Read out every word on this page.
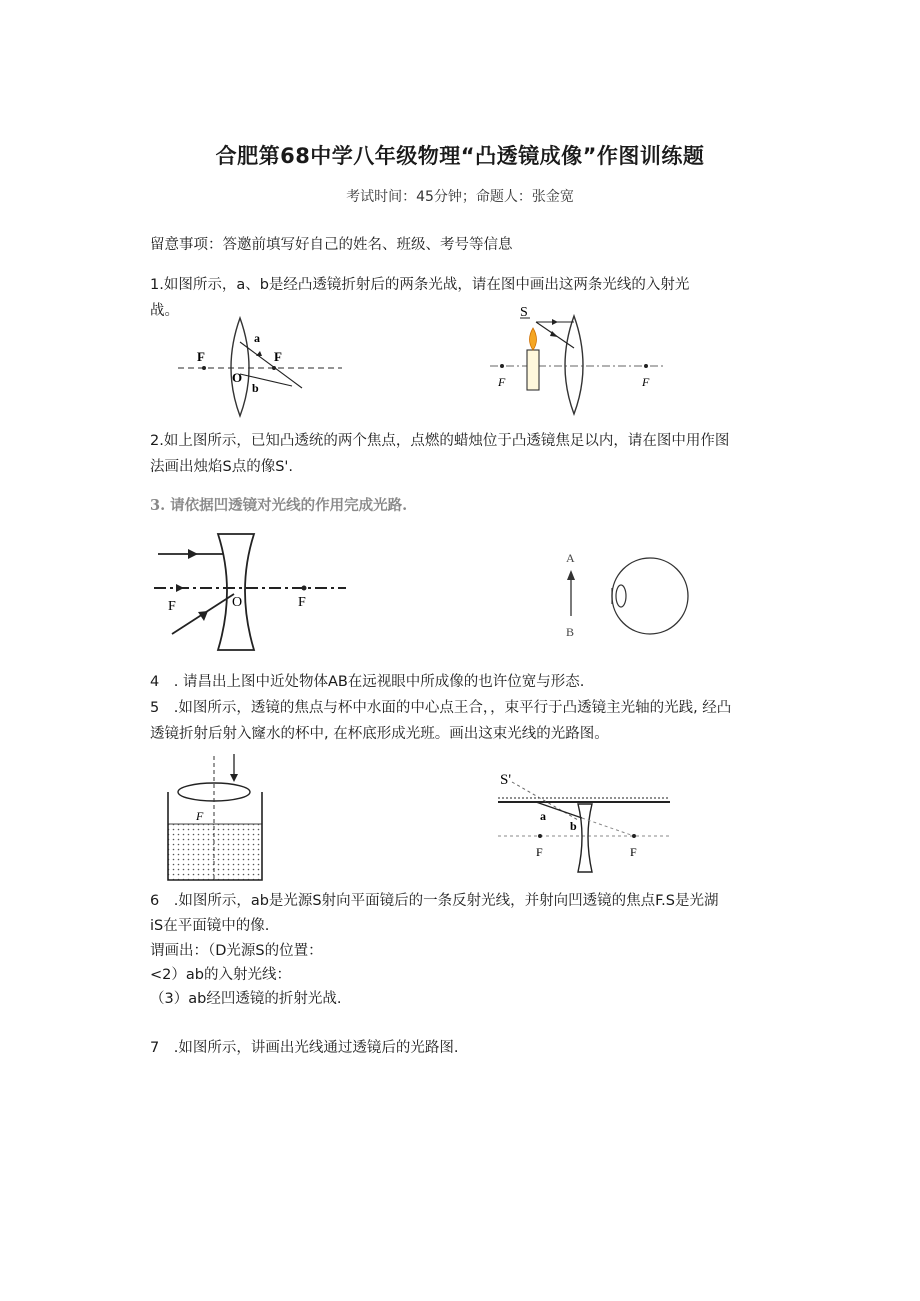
合肥第68中学八年级物理“凸透镜成像”作图训练题
考试时间：45分钟；命题人：张金宽
留意事项：答邀前填写好自己的姓名、班级、考号等信息
1.如图所示，a、b是经凸透镜折射后的两条光战，请在图中画出这两条光线的入射光
战。
F	F
O
a
b
S
F	F
2.如上图所示，已知凸透统的两个焦点，点燃的蜡烛位于凸透镜焦足以内，请在图中用作图
法画出烛焰S点的像S'.
3. 请依据凹透镜对光线的作用完成光路.
F	F
O
A
B
4　. 请昌出上图中近处物体AB在远视眼中所成像的也许位宽与形态.
5　.如图所示，透镜的焦点与杯中水面的中心点王合，，束平行于凸透镜主光轴的光践, 经凸
透镜折射后射入窿水的杯中, 在杯底形成光班。画出这束光线的光路图。
F
S'
a
b
F	F
6　.如图所示，ab是光源S射向平面镜后的一条反射光线，并射向凹透镜的焦点F.S是光湖
iS在平面镜中的像.
谓画出：（D光源S的位置：
<2）ab的入射光线：
（3）ab经凹透镜的折射光战.
7　.如图所示，讲画出光线通过透镜后的光路图.
